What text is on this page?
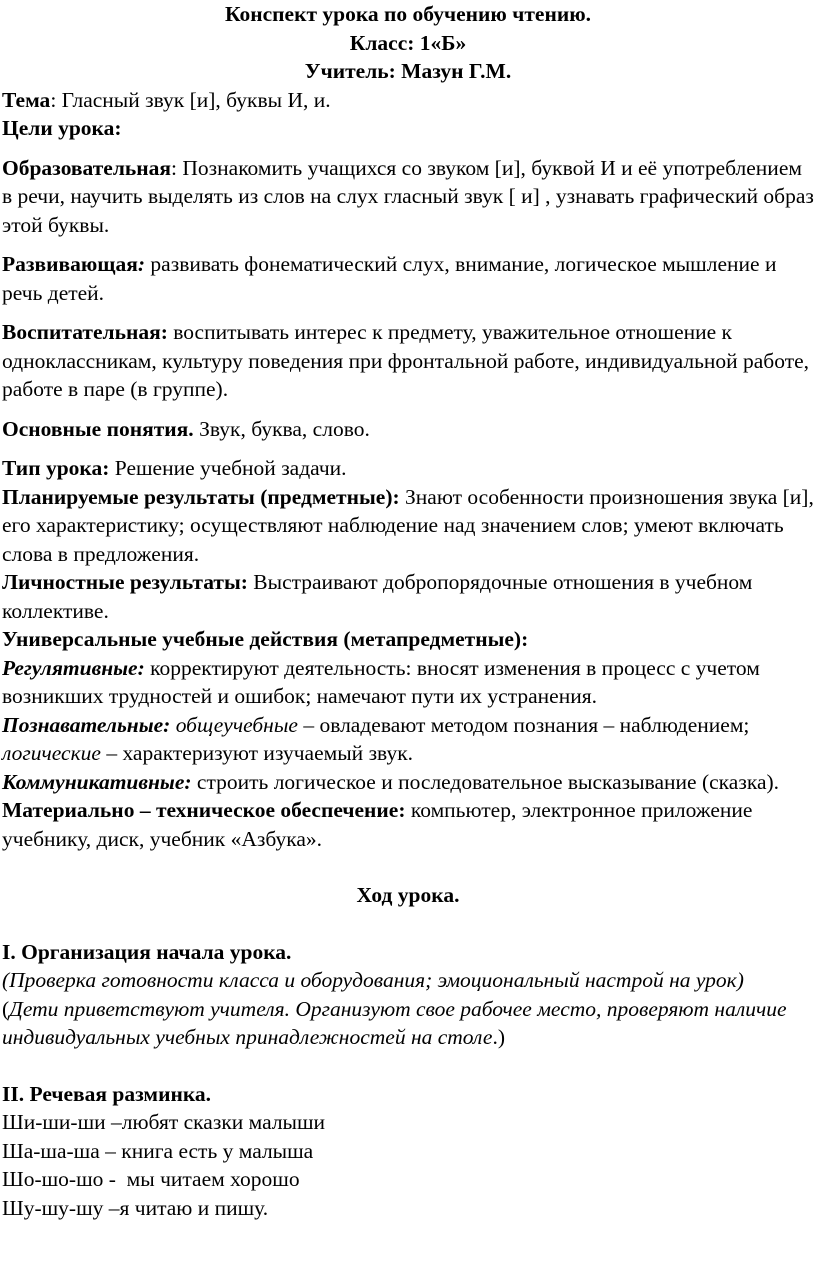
Конспект урока по обучению чтению.

Класс: 1«Б»

Учитель: Мазун Г.М.

Тема: Гласный звук [и], буквы И, и.

Цели урока:

Образовательная: Познакомить учащихся со звуком [и], буквой И и её употреблением в речи, научить выделять из слов на слух гласный звук [ и] , узнавать графический образ этой буквы.

Развивающая: развивать фонематический слух, внимание, логическое мышление и речь детей.

Воспитательная: воспитывать интерес к предмету, уважительное отношение к одноклассникам, культуру поведения при фронтальной работе, индивидуальной работе, работе в паре (в группе).

Основные понятия. Звук, буква, слово.

Тип урока: Решение учебной задачи.

Планируемые результаты (предметные): Знают особенности произношения звука [и], его характеристику; осуществляют наблюдение над значением слов; умеют включать слова в предложения.

Личностные результаты: Выстраивают добропорядочные отношения в учебном коллективе.

Универсальные учебные действия (метапредметные):

Регулятивные: корректируют деятельность: вносят изменения в процесс с учетом возникших трудностей и ошибок; намечают пути их устранения.

Познавательные: общеучебные – овладевают методом познания – наблюдением; логические – характеризуют изучаемый звук.

Коммуникативные: строить логическое и последовательное высказывание (сказка).

Материально – техническое обеспечение: компьютер, электронное приложение учебнику, диск, учебник «Азбука».

Ход урока.

I. Организация начала урока.

(Проверка готовности класса и оборудования; эмоциональный настрой на урок)

(Дети приветствуют учителя. Организуют свое рабочее место, проверяют наличие индивидуальных учебных принадлежностей на столе.)

II. Речевая разминка.

Ши-ши-ши –любят сказки малыши

Ша-ша-ша – книга есть у малыша

Шо-шо-шо -  мы читаем хорошо

Шу-шу-шу –я читаю и пишу.
